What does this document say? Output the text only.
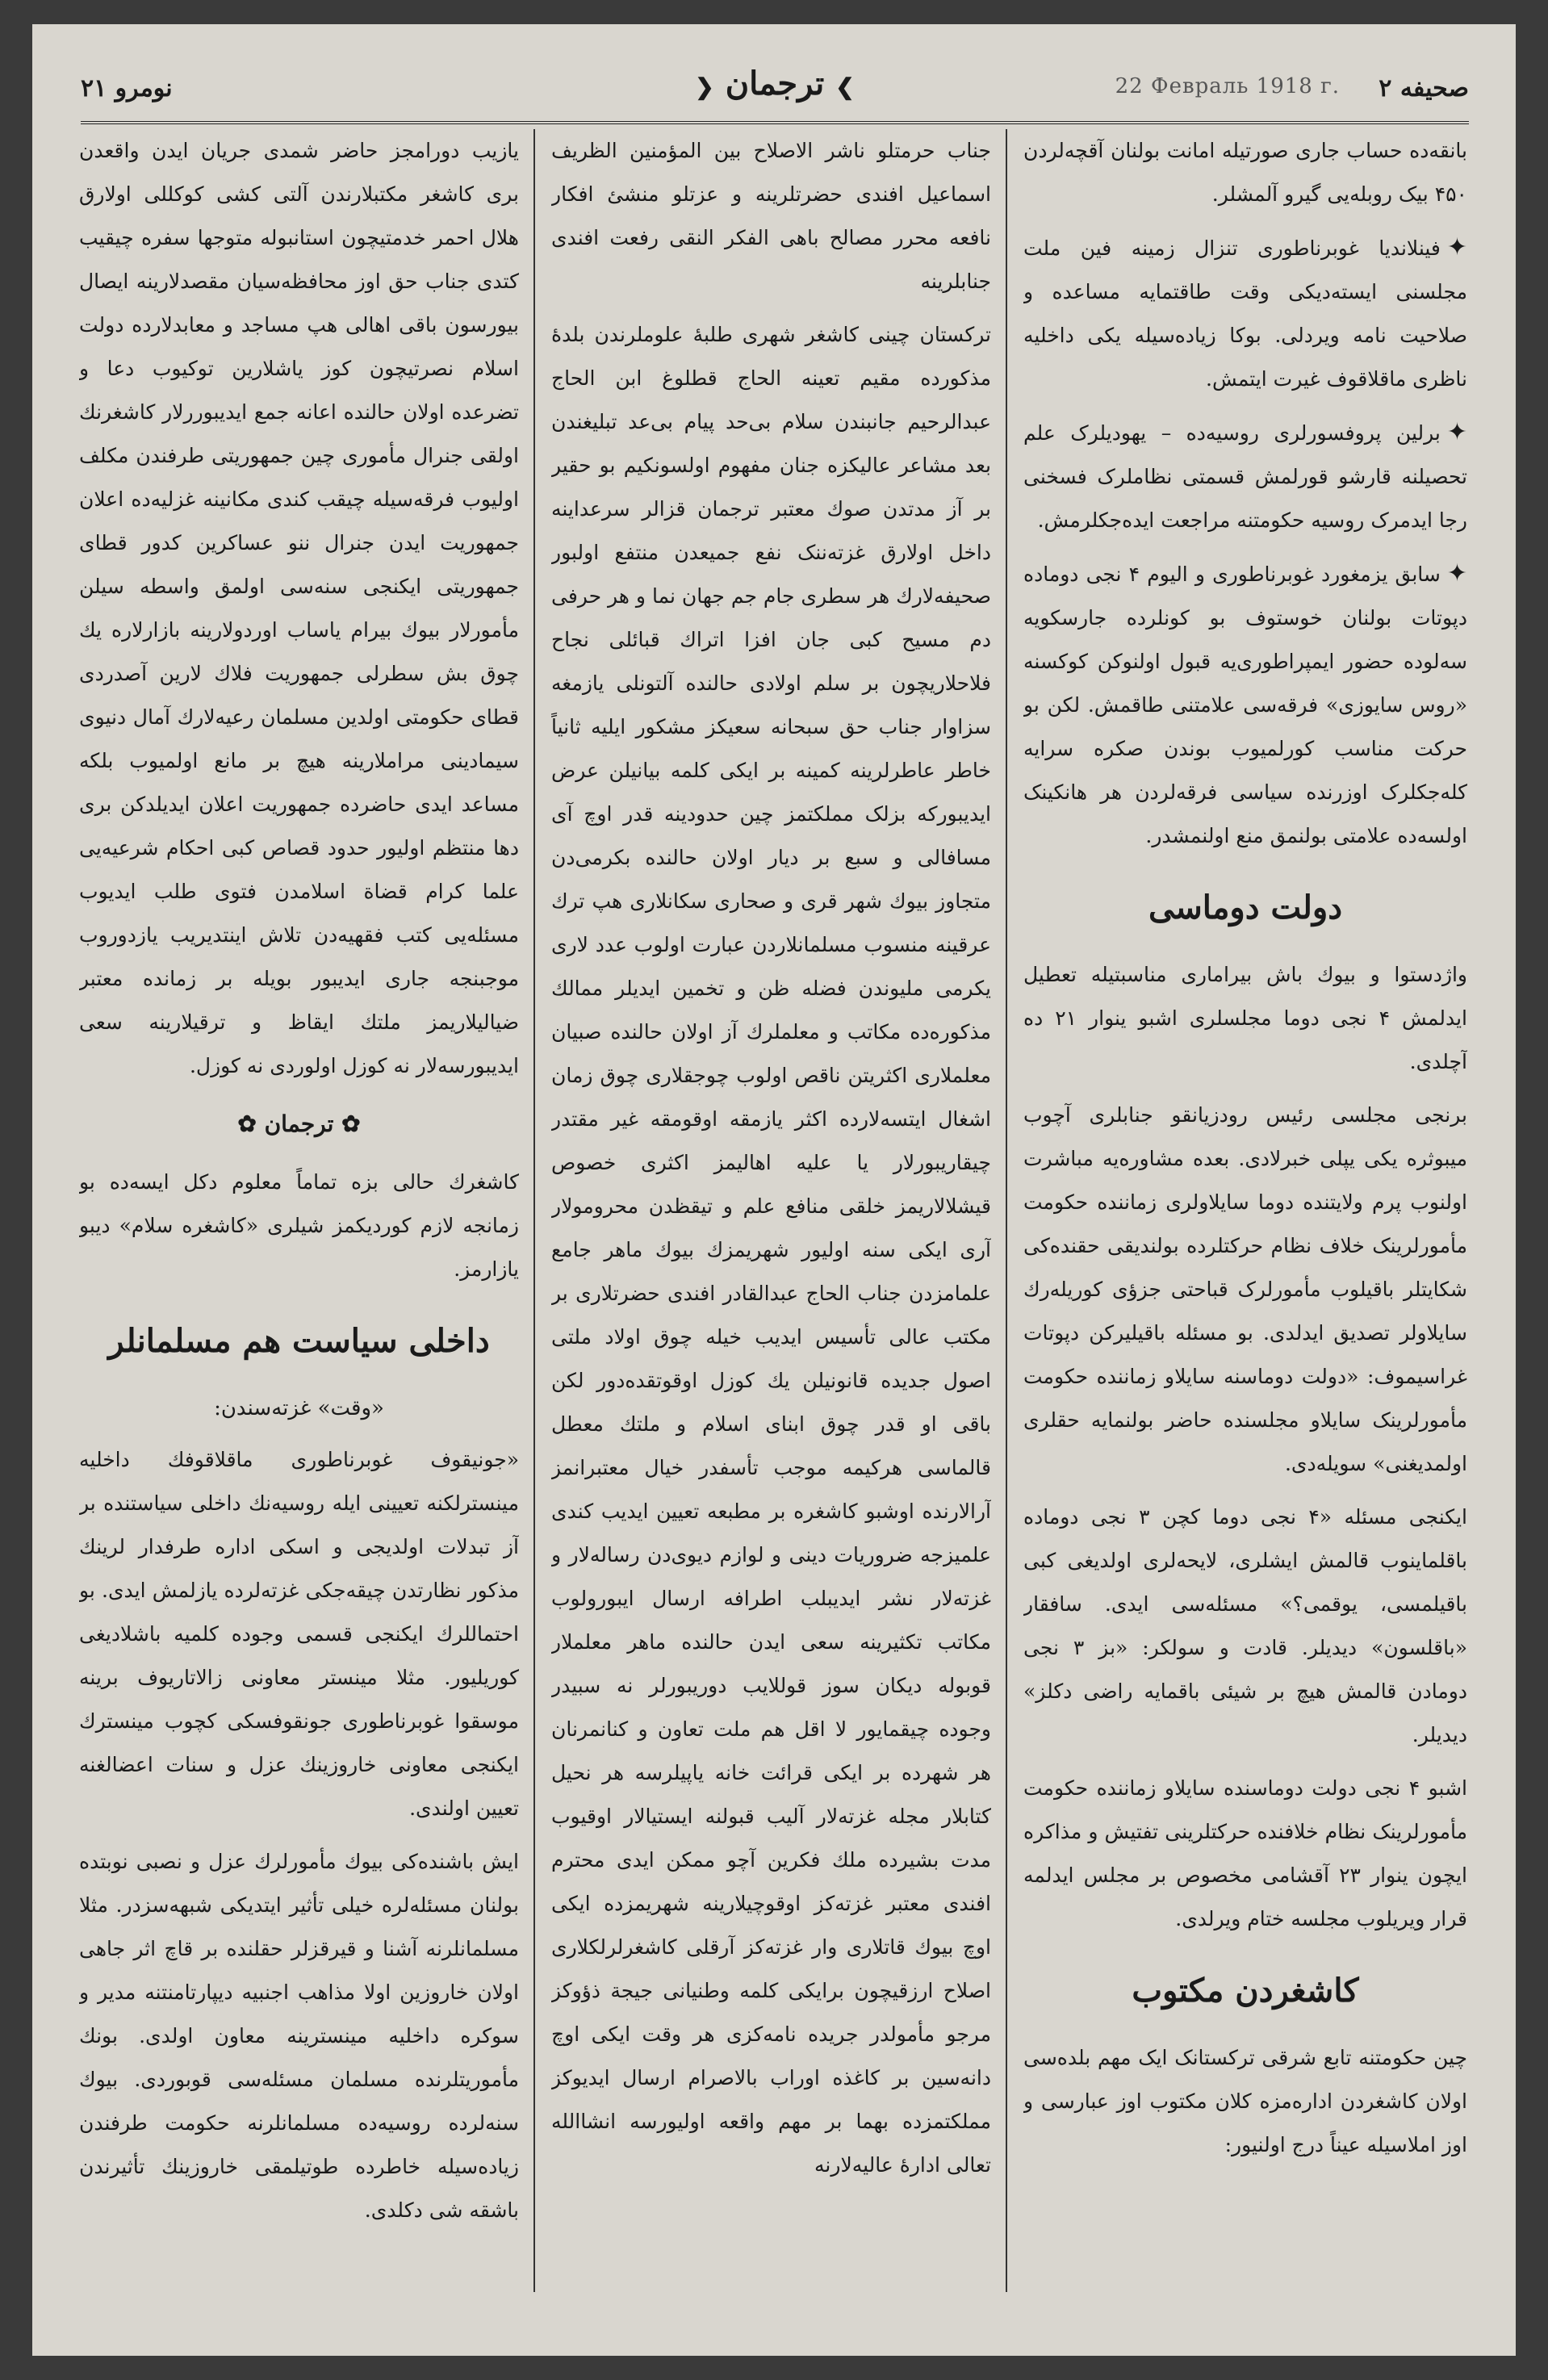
صحیفه ۲
22 Февраль 1918 г.
❯ ترجمان ❮
نومرو ۲۱

بانقه‌ده حساب جاری صورتیله امانت بولنان آقچه‌لردن ۴۵۰ بیک روبله‌یی گیرو آلمشلر.

✦فینلاندیا غوبرناطوری تنزال زمینه فین ملت مجلسنی ایسته‌دیکی وقت طاقتمایه مساعده و صلاحیت نامه ویردلی. بوکا زیاده‌سیله یکی داخلیه ناظری ماقلاقوف غیرت ایتمش.

✦برلین پروفسورلری روسیه‌ده – یهودیلرک علم تحصیلنه قارشو قورلمش قسمتی نظاملرک فسخنی رجا ایدمرک روسیه حکومتنه مراجعت ایده‌جکلرمش.

✦سابق یزمغورد غوبرناطوری و الیوم ۴ نجی دوماده دپوتات بولنان خوستوف بو کونلرده جارسکویه سه‌لوده حضور ایمپراطوری‌یه قبول اولنوکن کوکسنه «روس سایوزی» فرقه‌سی علامتنی طاقمش. لکن بو حرکت مناسب کورلمیوب بوندن صکره سرایه کله‌جکلرک اوزرنده سیاسی فرقه‌لردن هر هانکینک اولسه‌ده علامتی بولنمق منع اولنمشدر.

دولت دوماسی

واژدستوا و بیوك باش بیراماری مناسبتیله تعطیل ایدلمش ۴ نجی دوما مجلسلری اشبو ینوار ۲۱ ده آچلدی.

برنجی مجلسی رئیس رودزیانقو جنابلری آچوب میبوثره یکی یپلی خبرلادی. بعده مشاوره‌یه مباشرت اولنوب پرم ولایتنده دوما سایلاولری زماننده حکومت مأمورلرینک خلاف نظام حرکتلرده بولندیقی حقنده‌کی شکایتلر باقیلوب مأمورلرک قباحتی جزؤی کوریله‌رك سایلاولر تصدیق ایدلدی. بو مسئله باقیلیرکن دپوتات غراسیموف: «دولت دوماسنه سایلاو زماننده حکومت مأمورلرینک سایلاو مجلسنده حاضر بولنمایه حقلری اولمدیغنی» سویله‌دی.

ایکنجی مسئله «۴ نجی دوما کچن ۳ نجی دوماده باقلماینوب قالمش ایشلری، لایحه‌لری اولدیغی کبی باقیلمسی، یوقمی؟» مسئله‌سی ایدی. سافقار «باقلسون» دیدیلر. قادت و سولکر: «بز ۳ نجی دومادن قالمش هیچ بر شیئی باقمایه راضی دکلز» دیدیلر.

اشبو ۴ نجی دولت دوماسنده سایلاو زماننده حکومت مأمورلرینک نظام خلافنده حرکتلرینی تفتیش و مذاکره ایچون ینوار ۲۳ آقشامی مخصوص بر مجلس ایدلمه قرار ویریلوب مجلسه ختام ویرلدی.

کاشغردن مکتوب

چین حکومتنه تابع شرقی ترکستانک ایک مهم بلده‌سی اولان کاشغردن اداره‌مزه کلان مکتوب اوز عبارسی و اوز املاسیله عیناً درج اولنیور:

جناب حرمتلو ناشر الاصلاح بین المؤمنین الظریف اسماعیل افندی حضرتلرینه و عزتلو منشئ افکار نافعه محرر مصالح باهی الفکر النقی رفعت افندی جنابلرینه

ترکستان چینی کاشغر شهری طلبهٔ علوملرندن بلدهٔ مذکورده مقیم تعینه الحاج قطلوغ ابن الحاج عبدالرحیم جانبندن سلام بی‌حد پیام بی‌عد تبلیغندن بعد مشاعر عالیکزه جنان مفهوم اولسونکیم بو حقیر بر آز مدتدن صوك معتبر ترجمان قزالر سرعداینه داخل اولارق غزته‌ننک نفع جمیعدن منتفع اولبور صحیفه‌لارك هر سطری جام جم جهان نما و هر حرفی دم مسیح کبی جان افزا اتراك قبائلی نجاح فلاحلاریچون بر سلم اولادی حالنده آلتونلی یازمغه سزاوار جناب حق سبحانه سعیکز مشکور ایلیه ثانیاً خاطر عاطرلرینه کمینه بر ایکی کلمه بیانیلن عرض ایدیبورکه بزلک مملکتمز چین حدودینه قدر اوچ آی مسافالی و سبع بر دیار اولان حالنده بکرمی‌دن متجاوز بیوك شهر قری و صحاری سکانلاری هپ ترك عرقینه منسوب مسلمانلاردن عبارت اولوب عدد لاری یکرمی ملیوندن فضله ظن و تخمین ایدیلر ممالك مذکوره‌ده مکاتب و معلملرك آز اولان حالنده صبیان معلملاری اکثریتن ناقص اولوب چوجقلاری چوق زمان اشغال ایتسه‌لارده اکثر یازمقه اوقومقه غیر مقتدر چیقاریبورلار یا علیه اهالیمز اکثری خصوص قیشلالاریمز خلقی منافع علم و تیقظدن محرومولار آری ایکی سنه اولیور شهریمزك بیوك ماهر جامع علمامزدن جناب الحاج عبدالقادر افندی حضرتلاری بر مکتب عالی تأسیس ایدیب خیله چوق اولاد ملتی اصول جدیده قانونیلن یك کوزل اوقوتقده‌دور لکن باقی او قدر چوق ابنای اسلام و ملتك معطل قالماسی هرکیمه موجب تأسفدر خیال معتبرانمز آرالارنده اوشبو کاشغره بر مطبعه تعیین ایدیب کندی علمیزجه ضروریات دینی و لوازم دیوی‌دن رساله‌لار و غزته‌لار نشر ایدیبلب اطرافه ارسال ایبورولوب مکاتب تکثیرینه سعی ایدن حالنده ماهر معلملار قوبوله دیکان سوز قوللایب دوریبورلر نه سبیدر وجوده چیقمایور لا اقل هم ملت تعاون و کنانمرنان هر شهرده بر ایکی قرائت خانه یاپیلرسه هر نحیل کتابلار مجله غزته‌لار آلیب قبولنه ایستیالار اوقیوب مدت بشیرده ملك فکرین آچو ممکن ایدی محترم افندی معتبر غزته‌کز اوقوچیلارینه شهریمزده ایکی اوچ بیوك قاتلاری وار غزته‌کز آرقلی کاشغرلرلکلاری اصلاح ارزقیچون برایکی کلمه وطنیانی جیجة ذؤوکز مرجو مأمولدر جریده نامه‌کزی هر وقت ایکی اوچ دانه‌سین بر کاغذه اوراب بالاصرام ارسال ایدیوکز مملکتمزده بهما بر مهم واقعه اولیورسه انشاالله تعالی ادارهٔ عالیه‌لارنه

یازیب دورامجز حاضر شمدی جریان ایدن واقعدن بری کاشغر مکتبلارندن آلتی کشی کوکللی اولارق هلال احمر خدمتیچون استانبوله متوجها سفره چیقیب کتدی جناب حق اوز محافظه‌سیان مقصدلارینه ایصال بیورسون باقی اهالی هپ مساجد و معابدلارده دولت اسلام نصرتیچون کوز یاشلارین توکیوب دعا و تضرعده اولان حالنده اعانه جمع ایدیبوررلار کاشغرنك اولقی جنرال مأموری چین جمهوریتی طرفندن مکلف اولیوب فرقه‌سیله چیقب کندی مکانینه غزلیه‌ده اعلان جمهوریت ایدن جنرال ننو عساکرین کدور قطای جمهوریتی ایکنجی سنه‌سی اولمق واسطه سیلن مأمورلار بیوك بیرام یاساب اوردولارینه بازارلاره یك چوق بش سطرلی جمهوریت فلاك لارین آصدردی قطای حکومتی اولدین مسلمان رعیه‌لارك آمال دنیوی سیمادینی مراملارینه هیچ بر مانع اولمیوب بلکه مساعد ایدی حاضرده جمهوریت اعلان ایدیلدکن بری دها منتظم اولیور حدود قصاص کبی احکام شرعیه‌یی علما کرام قضاة اسلامدن فتوی طلب ایدیوب مسئله‌یی کتب فقهیه‌دن تلاش اینتدیریب یازدوروب موجبنجه جاری ایدیبور بویله بر زمانده معتبر ضیالیلاریمز ملتك ایقاظ و ترقیلارینه سعی ایدیبورسه‌لار نه کوزل اولوردی نه کوزل.

✿ ترجمان ✿

کاشغرك حالی بزه تماماً معلوم دکل ایسه‌ده بو زمانجه لازم کوردیکمز شیلری «کاشغره سلام» دیبو یازارمز.

داخلی سیاست هم مسلمانلر
«وقت» غزته‌سندن:

«جونیقوف غوبرناطوری ماقلاقوفك داخلیه مینسترلکنه تعیینی ایله روسیه‌نك داخلی سیاستنده بر آز تبدلات اولدیجی و اسکی اداره طرفدار لرینك مذکور نظارتدن چیقه‌جکی غزته‌لرده یازلمش ایدی. بو احتماللرك ایکنجی قسمی وجوده کلمیه باشلادیغی کوریلیور. مثلا مینستر معاونی زالاتاریوف برینه موسقوا غوبرناطوری جونقوفسکی کچوب مینسترك ایکنجی معاونی خاروزینك عزل و سنات اعضالغنه تعیین اولندی.

ایش باشنده‌کی بیوك مأمورلرك عزل و نصبی نوبتده بولنان مسئله‌لره خیلی تأثیر ایتدیکی شبهه‌سزدر. مثلا مسلمانلرنه آشنا و قیرقزلر حقلنده بر قاچ اثر جاهی اولان خاروزین اولا مذاهب اجنبیه دیپارتامنتنه مدیر و سوکره داخلیه مینسترینه معاون اولدی. بونك مأموریتلرنده مسلمان مسئله‌سی قوبوردی. بیوك سنه‌لرده روسیه‌ده مسلمانلرنه حکومت طرفندن زیاده‌سیله خاطرده طوتیلمقی خاروزینك تأثیرندن باشقه شی دکلدی.
